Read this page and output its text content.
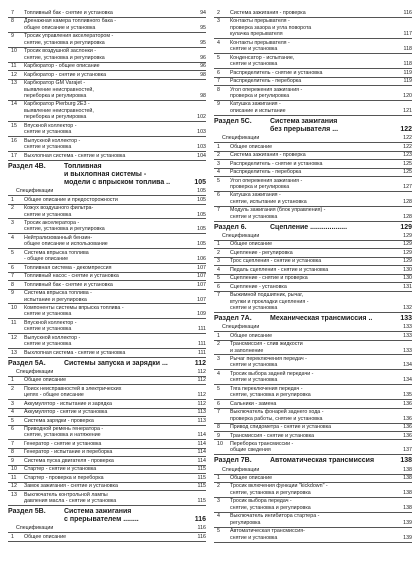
7	Топливный бак - снятие и установка	94
8	Дренажная камера топливного бака -
общее описание и установка	95
9	Тросик управления акселератором -
снятие, установка и регулировка	95
10	Тросик воздушной заслонки -
снятие, установка и регулировка	96
11	Карбюратор - общее описание	96
12	Карбюратор - снятие и установка	98
13	Карбюратор GM Varajet -
выявление неисправностей,
переборка и регулировка	98
14	Карбюратор Pierburg 2E3 -
выявление неисправностей,
переборка и регулировка	102
15	Впускной коллектор -
снятие и установка	103
16	Выпускной коллектор -
снятие и установка	103
17	Выхлопная система - снятие и установка	104
Раздел 4В.	Топливная
и выхлопная системы -
модели с впрыском топлива ..	105
Спецификации	105
1	Общее описание и предосторожности	105
2	Кожух воздушного фильтра-
снятие и установка	105
3	Тросик акселератора -
снятие, установка и регулировка	105
4	Нейтрализованный бензин-
общее описание и использование	105
5	Система впрыска топлива
- общее описание	106
6	Топливная система - декомпрессия	107
7	Топливный насос - снятие и установка	107
8	Топливный бак - снятие и установка	107
9	Система впрыска топлива -
испытание и регулировка	107
10	Компоненты системы впрыска топлива -
снятие и установка	109
11	Впускной коллектор -
снятие и установка	111
12	Выпускной коллектор -
снятие и установка	111
13	Выхлопная система - снятие и установка	111
Раздел 5А.	Системы запуска и зарядки ...	112
Спецификации	112
1	Общее описание	112
2	Поиск неисправностей в электрических
цепях - общее описание	112
3	Аккумулятор - испытание и зарядка	112
4	Аккумулятор - снятие и установка	113
5	Система зарядки - проверка	113
6	Приводной ремень генератора -
снятие, установка и натяжение	114
7	Генератор - снятие и установка	114
8	Генератор - испытание и переборка	114
9	Система пуска двигателя - проверка	114
10	Стартер - снятие и установка	115
11	Стартер - проверка и переборка	115
12	Замок зажигания - снятие и установка	115
13	Выключатель контрольной лампы
давления масла - снятие и установка	115
Раздел 5В.	Система зажигания
с прерывателем ........	116
Спецификации	116
1	Общее описание	116
2	Система зажигания - проверка	116
3	Контакты прерывателя -
проверка зазора и угла поворота
кулачка прерывателя	117
4	Контакты прерывателя -
снятие и установка	118
5	Конденсатор - испытание,
снятие и установка	118
6	Распределитель - снятие и установка	119
7	Распределитель - переборка	119
8	Угол опережения зажигания -
проверка и регулировка	120
9	Катушка зажигания -
описание и испытание	121
Раздел 5С.	Система зажигания
без прерывателя ...	122
Спецификации	122
1	Общее описание	122
2	Система зажигания - проверка	123
3	Распределитель - снятие и установка	125
4	Распределитель - переборка	125
5	Угол опережения зажигания -
проверка и регулировка	127
6	Катушка зажигания -
снятие, испытание и установка	128
7	Модуль зажигания (блок управления) -
снятие и установка	128
Раздел 6.	Сцепление ...................	129
Спецификации	129
1	Общее описание	129
2	Сцепление - регулировка	129
3	Трос сцепления - снятие и установка	129
4	Педаль сцепления - снятие и установка	130
5	Сцепление - снятие и проверка	130
6	Сцепление - установка	131
7	Выжимной подшипник, рычаг,
втулки и прокладки сцепления -
снятие и установка	132
Раздел 7А.	Механическая трансмиссия ..	133
Спецификации	133
1	Общее описание	133
2	Трансмиссия - слив жидкости
и заполнение	133
3	Рычаг переключения передач -
снятие и установка	134
4	Тросик выбора задней передачи -
снятие и установка	134
5	Тяга переключения передач -
снятие, установка и регулировка	135
6	Сальники - замена	136
7	Выключатель фонарей заднего хода -
проверка работы, снятие и установка	136
8	Привод спидометра - снятие и установка	136
9	Трансмиссия - снятие и установка	136
10	Переборка трансмиссии -
общие сведения	137
Раздел 7В.	Автоматическая трансмиссия	138
Спецификации	138
1	Общее описание	138
2	Тросик включения функции "kickdown" -
снятие, установка и регулировка	138
3	Тросик выбора передач -
снятие, установка и регулировка	138
4	Выключатель ингибитора стартера -
регулировка	139
5	Автоматическая трансмиссия-
снятие и установка	139
